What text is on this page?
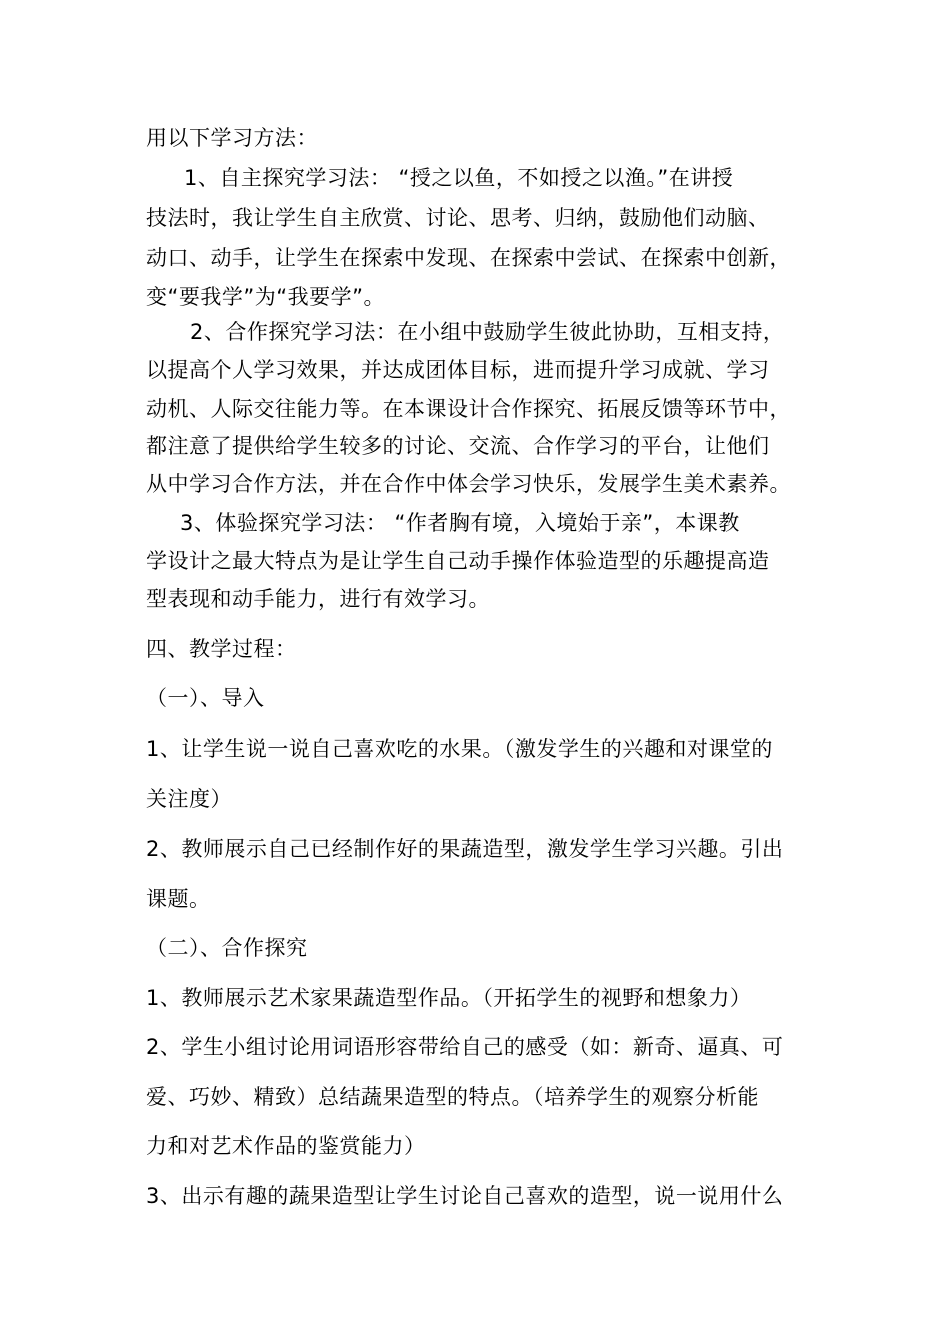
用以下学习方法：
1、自主探究学习法： “授之以鱼，不如授之以渔。”在讲授
技法时，我让学生自主欣赏、讨论、思考、归纳，鼓励他们动脑、
动口、动手，让学生在探索中发现、在探索中尝试、在探索中创新，
变“要我学”为“我要学”。
2、合作探究学习法：在小组中鼓励学生彼此协助，互相支持，
以提高个人学习效果，并达成团体目标，进而提升学习成就、学习
动机、人际交往能力等。在本课设计合作探究、拓展反馈等环节中，
都注意了提供给学生较多的讨论、交流、合作学习的平台，让他们
从中学习合作方法，并在合作中体会学习快乐，发展学生美术素养。
3、体验探究学习法： “作者胸有境，入境始于亲”，本课教
学设计之最大特点为是让学生自己动手操作体验造型的乐趣提高造
型表现和动手能力，进行有效学习。
四、教学过程：
（一）、导入
1、让学生说一说自己喜欢吃的水果。（激发学生的兴趣和对课堂的
关注度）
2、教师展示自己已经制作好的果蔬造型，激发学生学习兴趣。引出
课题。
（二）、合作探究
1、教师展示艺术家果蔬造型作品。（开拓学生的视野和想象力）
2、学生小组讨论用词语形容带给自己的感受（如：新奇、逼真、可
爱、巧妙、精致）总结蔬果造型的特点。（培养学生的观察分析能
力和对艺术作品的鉴赏能力）
3、出示有趣的蔬果造型让学生讨论自己喜欢的造型，说一说用什么
